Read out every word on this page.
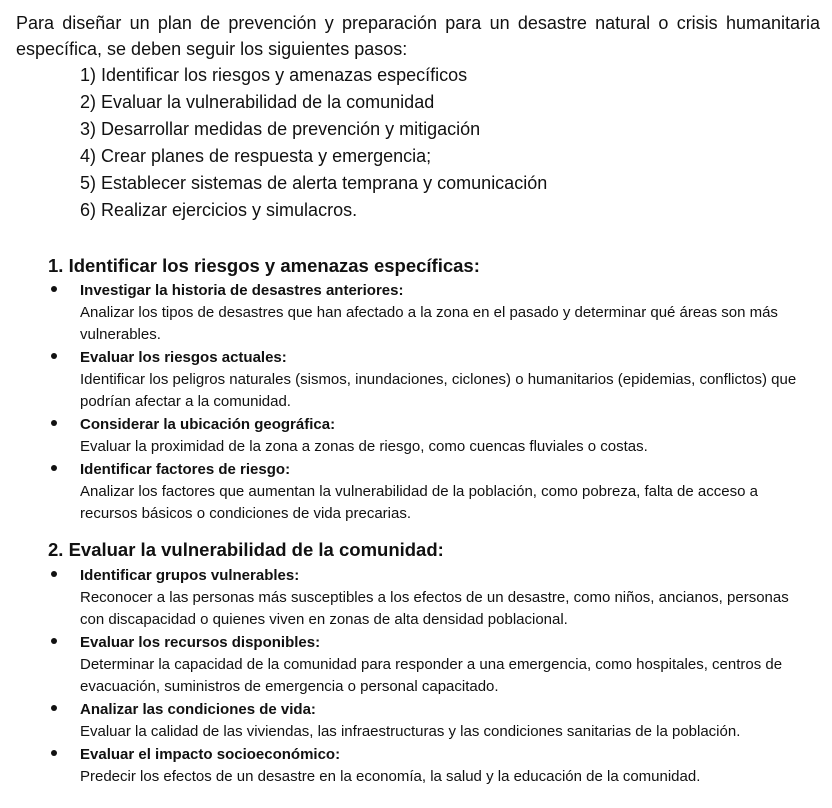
Para diseñar un plan de prevención y preparación para un desastre natural o crisis humanitaria específica, se deben seguir los siguientes pasos:

1) Identificar los riesgos y amenazas específicos
2) Evaluar la vulnerabilidad de la comunidad
3) Desarrollar medidas de prevención y mitigación
4) Crear planes de respuesta y emergencia;
5) Establecer sistemas de alerta temprana y comunicación
6) Realizar ejercicios y simulacros.
1. Identificar los riesgos y amenazas específicas:
Investigar la historia de desastres anteriores:
Analizar los tipos de desastres que han afectado a la zona en el pasado y determinar qué áreas son más vulnerables.
Evaluar los riesgos actuales:
Identificar los peligros naturales (sismos, inundaciones, ciclones) o humanitarios (epidemias, conflictos) que podrían afectar a la comunidad.
Considerar la ubicación geográfica:
Evaluar la proximidad de la zona a zonas de riesgo, como cuencas fluviales o costas.
Identificar factores de riesgo:
Analizar los factores que aumentan la vulnerabilidad de la población, como pobreza, falta de acceso a recursos básicos o condiciones de vida precarias.
2. Evaluar la vulnerabilidad de la comunidad:
Identificar grupos vulnerables:
Reconocer a las personas más susceptibles a los efectos de un desastre, como niños, ancianos, personas con discapacidad o quienes viven en zonas de alta densidad poblacional.
Evaluar los recursos disponibles:
Determinar la capacidad de la comunidad para responder a una emergencia, como hospitales, centros de evacuación, suministros de emergencia o personal capacitado.
Analizar las condiciones de vida:
Evaluar la calidad de las viviendas, las infraestructuras y las condiciones sanitarias de la población.
Evaluar el impacto socioeconómico:
Predecir los efectos de un desastre en la economía, la salud y la educación de la comunidad.
